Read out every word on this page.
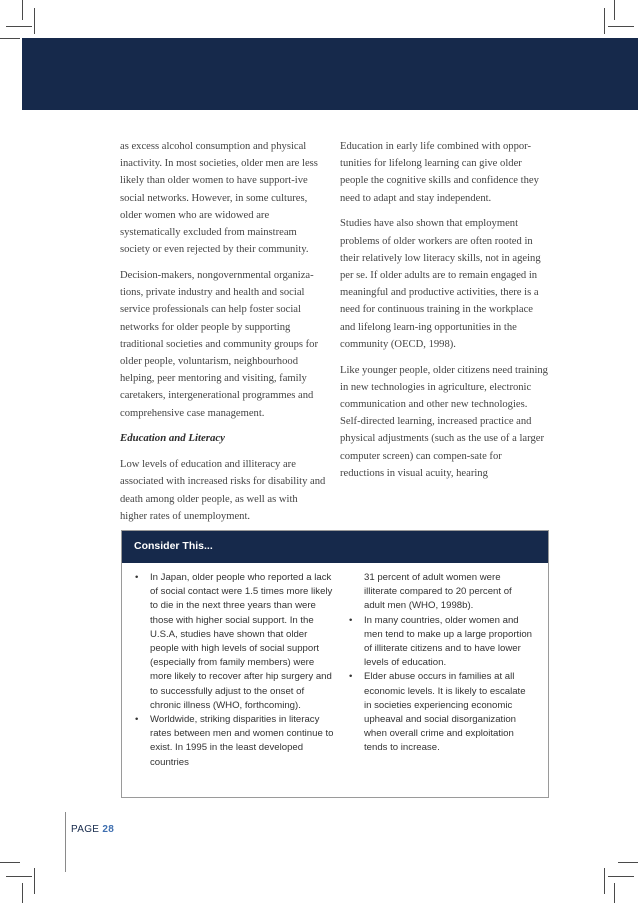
as excess alcohol consumption and physical inactivity. In most societies, older men are less likely than older women to have support-ive social networks. However, in some cultures, older women who are widowed are systematically excluded from mainstream society or even rejected by their community.

Decision-makers, nongovernmental organiza-tions, private industry and health and social service professionals can help foster social networks for older people by supporting traditional societies and community groups for older people, voluntarism, neighbourhood helping, peer mentoring and visiting, family caretakers, intergenerational programmes and comprehensive case management.

Education and Literacy

Low levels of education and illiteracy are associated with increased risks for disability and death among older people, as well as with higher rates of unemployment.

Education in early life combined with oppor-tunities for lifelong learning can give older people the cognitive skills and confidence they need to adapt and stay independent.

Studies have also shown that employment problems of older workers are often rooted in their relatively low literacy skills, not in ageing per se. If older adults are to remain engaged in meaningful and productive activities, there is a need for continuous training in the workplace and lifelong learn-ing opportunities in the community (OECD, 1998).

Like younger people, older citizens need training in new technologies in agriculture, electronic communication and other new technologies. Self-directed learning, increased practice and physical adjustments (such as the use of a larger computer screen) can compen-sate for reductions in visual acuity, hearing

Consider This...
• In Japan, older people who reported a lack of social contact were 1.5 times more likely to die in the next three years than were those with higher social support. In the U.S.A, studies have shown that older people with high levels of social support (especially from family members) were more likely to recover after hip surgery and to successfully adjust to the onset of chronic illness (WHO, forthcoming).
• Worldwide, striking disparities in literacy rates between men and women continue to exist. In 1995 in the least developed countries
31 percent of adult women were illiterate compared to 20 percent of adult men (WHO, 1998b).
• In many countries, older women and men tend to make up a large proportion of illiterate citizens and to have lower levels of education.
• Elder abuse occurs in families at all economic levels. It is likely to escalate in societies experiencing economic upheaval and social disorganization when overall crime and exploitation tends to increase.
PAGE 28
